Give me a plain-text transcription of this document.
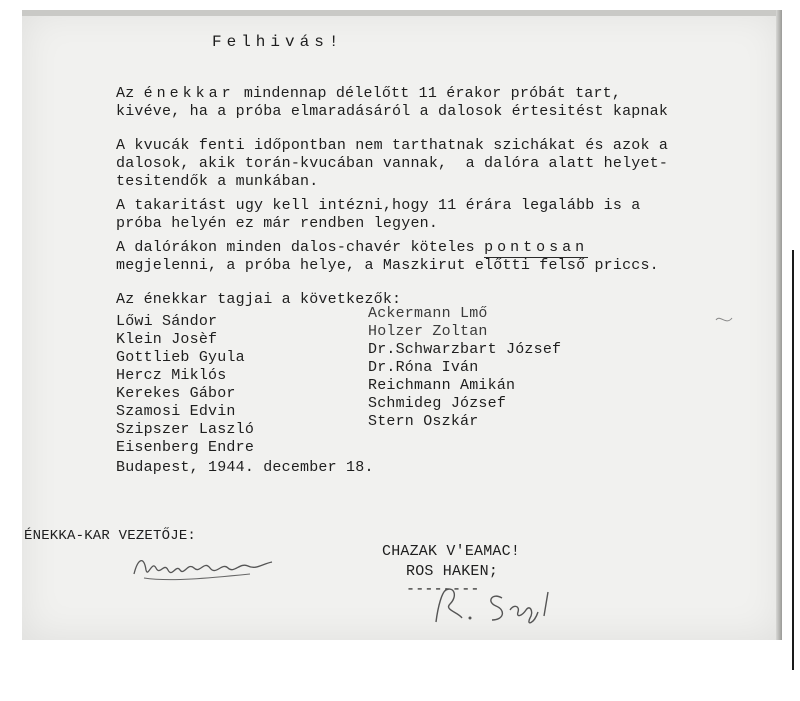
Felhivás!
Az énekkar mindennap délelőtt 11 érakor próbát tart,
kivéve, ha a próba elmaradásáról a dalosok értesitést kapnak
A kvucák fenti időpontban nem tarthatnak szichákat és azok a
dalosok, akik torán-kvucában vannak,  a dalóra alatt helyet-
tesitendők a munkában.
A takaritást ugy kell intézni,hogy 11 érára legalább is a
próba helyén ez már rendben legyen.
A dalórákon minden dalos-chavér köteles pontosan
megjelenni, a próba helye, a Maszkirut előtti felső priccs.
Az énekkar tagjai a következők:
Lőwi Sándor
Klein Josèf
Gottlieb Gyula
Hercz Miklós
Kerekes Gábor
Szamosi Edvin
Szipszer Laszló
Eisenberg Endre
Ackermann Lmő
Holzer Zoltan
Dr.Schwarzbart József
Dr.Róna Iván
Reichmann Amikán
Schmideg József
Stern Oszkár
Budapest, 1944. december 18.
ÉNEKKA-KAR VEZETŐJE:
CHAZAK V'EAMAC!
ROS HAKEN;
--------
